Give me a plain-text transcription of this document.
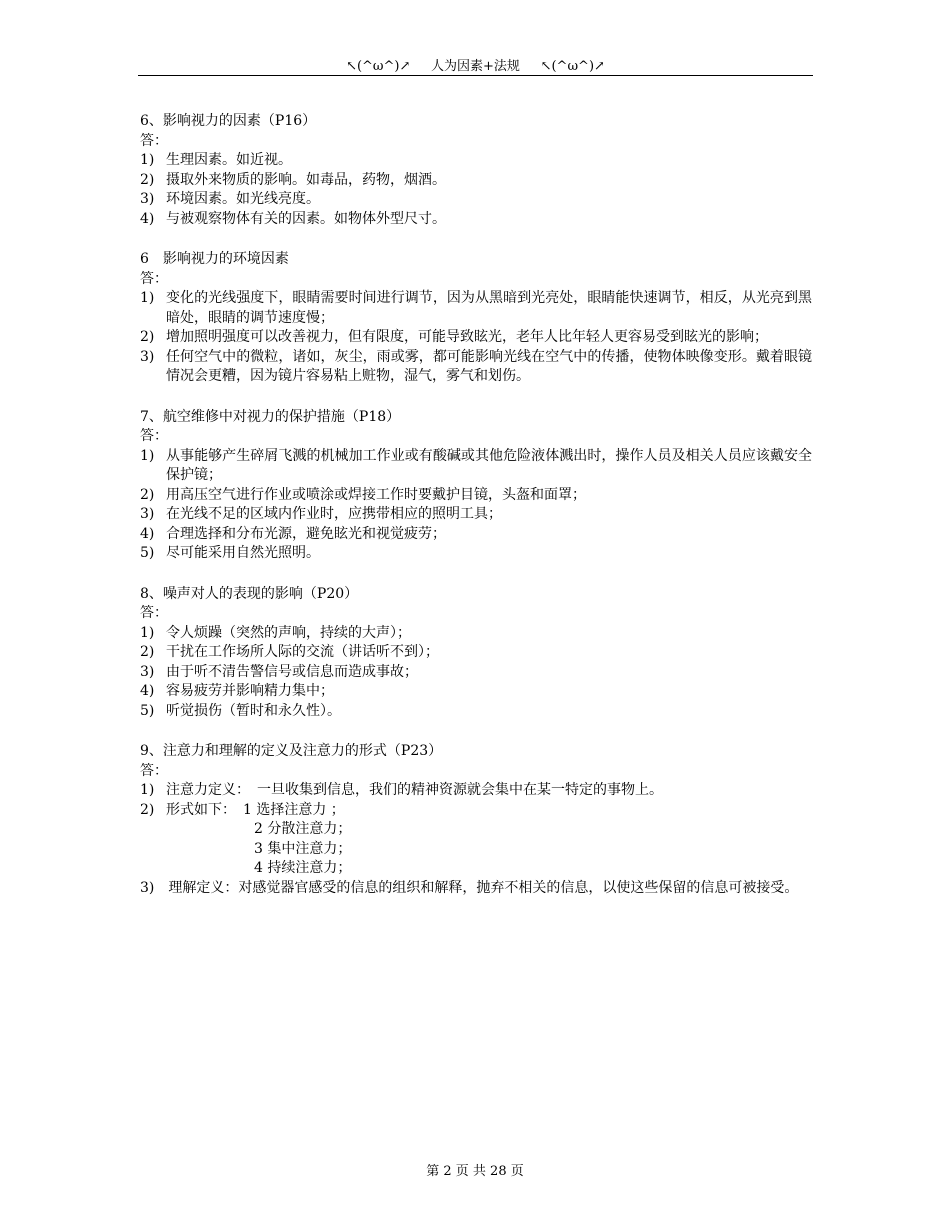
↖(^ω^)↗     人为因素+法规     ↖(^ω^)↗
6、影响视力的因素（P16）
答：
1) 生理因素。如近视。
2) 摄取外来物质的影响。如毒品，药物，烟酒。
3) 环境因素。如光线亮度。
4) 与被观察物体有关的因素。如物体外型尺寸。
6　影响视力的环境因素
答：
1) 变化的光线强度下，眼睛需要时间进行调节，因为从黑暗到光亮处，眼睛能快速调节，相反，从光亮到黑暗处，眼睛的调节速度慢；
2) 增加照明强度可以改善视力，但有限度，可能导致眩光，老年人比年轻人更容易受到眩光的影响；
3) 任何空气中的微粒，诸如，灰尘，雨或雾，都可能影响光线在空气中的传播，使物体映像变形。戴着眼镜情况会更糟，因为镜片容易粘上赃物，湿气，雾气和划伤。
7、航空维修中对视力的保护措施（P18）
答：
1) 从事能够产生碎屑飞溅的机械加工作业或有酸碱或其他危险液体溅出时，操作人员及相关人员应该戴安全保护镜；
2) 用高压空气进行作业或喷涂或焊接工作时要戴护目镜，头盔和面罩；
3) 在光线不足的区域内作业时，应携带相应的照明工具；
4) 合理选择和分布光源，避免眩光和视觉疲劳；
5) 尽可能采用自然光照明。
8、噪声对人的表现的影响（P20）
答：
1) 令人烦躁（突然的声响，持续的大声）；
2) 干扰在工作场所人际的交流（讲话听不到）；
3) 由于听不清告警信号或信息而造成事故；
4) 容易疲劳并影响精力集中；
5) 听觉损伤（暂时和永久性）。
9、注意力和理解的定义及注意力的形式（P23）
答：
1) 注意力定义：　一旦收集到信息，我们的精神资源就会集中在某一特定的事物上。
2) 形式如下：　1 选择注意力 ；
2 分散注意力；
3 集中注意力；
4 持续注意力；
3)　理解定义：对感觉器官感受的信息的组织和解释，抛弃不相关的信息，以使这些保留的信息可被接受。
第 2 页 共 28 页
